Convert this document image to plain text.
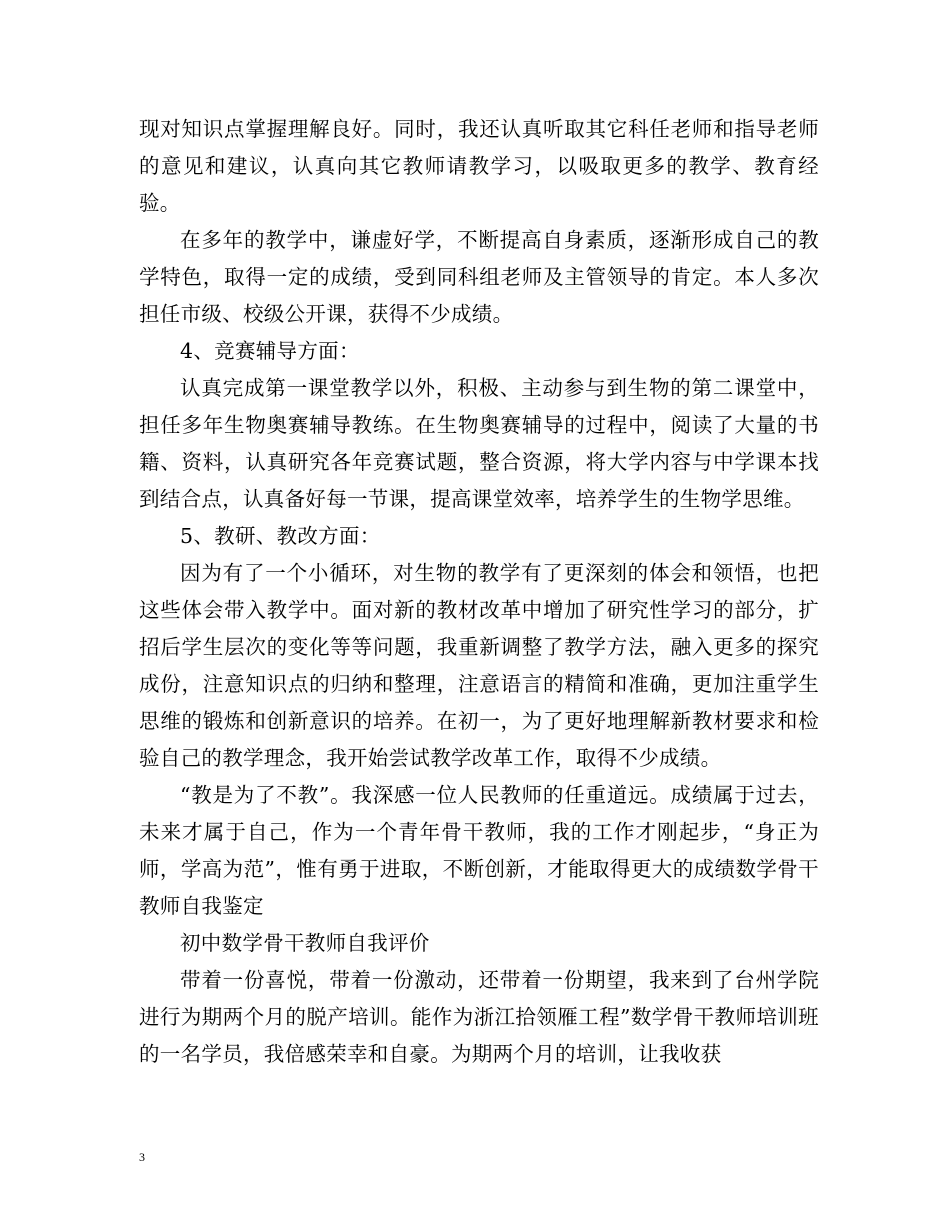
现对知识点掌握理解良好。同时，我还认真听取其它科任老师和指导老师的意见和建议，认真向其它教师请教学习，以吸取更多的教学、教育经验。

在多年的教学中，谦虚好学，不断提高自身素质，逐渐形成自己的教学特色，取得一定的成绩，受到同科组老师及主管领导的肯定。本人多次担任市级、校级公开课，获得不少成绩。

4、竞赛辅导方面：

认真完成第一课堂教学以外，积极、主动参与到生物的第二课堂中，担任多年生物奥赛辅导教练。在生物奥赛辅导的过程中，阅读了大量的书籍、资料，认真研究各年竞赛试题，整合资源，将大学内容与中学课本找到结合点，认真备好每一节课，提高课堂效率，培养学生的生物学思维。

5、教研、教改方面：

因为有了一个小循环，对生物的教学有了更深刻的体会和领悟，也把这些体会带入教学中。面对新的教材改革中增加了研究性学习的部分，扩招后学生层次的变化等等问题，我重新调整了教学方法，融入更多的探究成份，注意知识点的归纳和整理，注意语言的精简和准确，更加注重学生思维的锻炼和创新意识的培养。在初一，为了更好地理解新教材要求和检验自己的教学理念，我开始尝试教学改革工作，取得不少成绩。

“教是为了不教”。我深感一位人民教师的任重道远。成绩属于过去，未来才属于自己，作为一个青年骨干教师，我的工作才刚起步，“身正为师，学高为范”，惟有勇于进取，不断创新，才能取得更大的成绩数学骨干教师自我鉴定

初中数学骨干教师自我评价

带着一份喜悦，带着一份激动，还带着一份期望，我来到了台州学院进行为期两个月的脱产培训。能作为浙江拾领雁工程”数学骨干教师培训班的一名学员，我倍感荣幸和自豪。为期两个月的培训，让我收获

3
